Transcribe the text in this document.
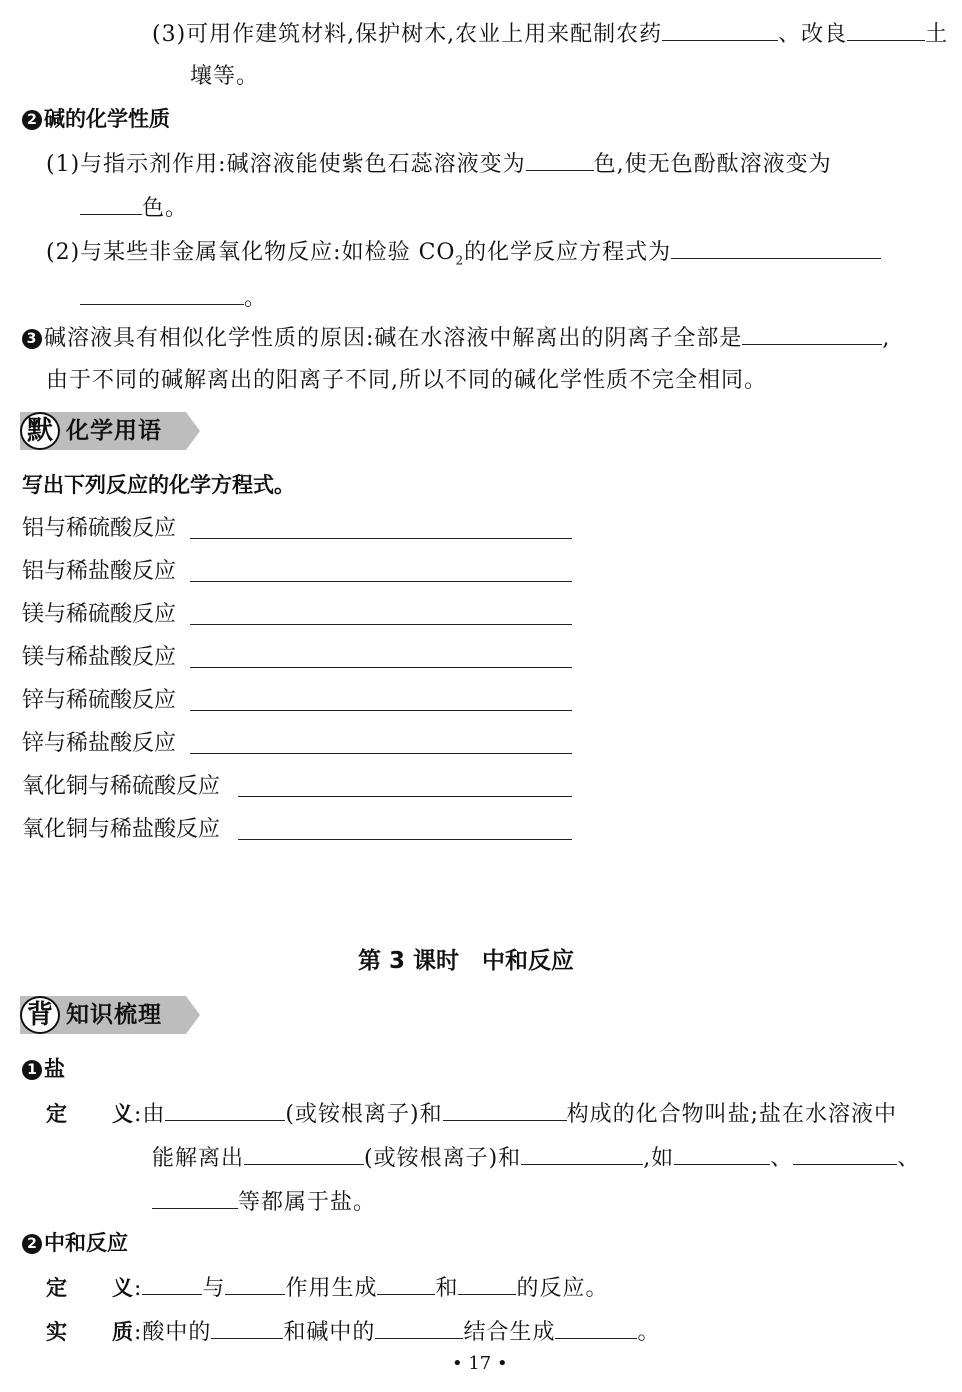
(3)可用作建筑材料,保护树木,农业上用来配制农药	、改良	土
壤等。
2 碱的化学性质
(1)与指示剂作用:碱溶液能使紫色石蕊溶液变为	色,使无色酚酞溶液变为
色。
(2)与某些非金属氧化物反应:如检验 $CO_2$的化学反应方程式为
。
3 碱溶液具有相似化学性质的原因:碱在水溶液中解离出的阴离子全部是	,
由于不同的碱解离出的阳离子不同,所以不同的碱化学性质不完全相同。
默 化学用语
写出下列反应的化学方程式。
铝与稀硫酸反应
铝与稀盐酸反应
镁与稀硫酸反应
镁与稀盐酸反应
锌与稀硫酸反应
锌与稀盐酸反应
氧化铜与稀硫酸反应
氧化铜与稀盐酸反应
第 3 课时　中和反应
背 知识梳理
1 盐
定　　义:由	(或铵根离子)和	构成的化合物叫盐;盐在水溶液中
能解离出	(或铵根离子)和	,如	、	、
等都属于盐。
2 中和反应
定　　义:	与	作用生成	和	的反应。
实　　质:酸中的	和碱中的	结合生成	。
• 17 •
